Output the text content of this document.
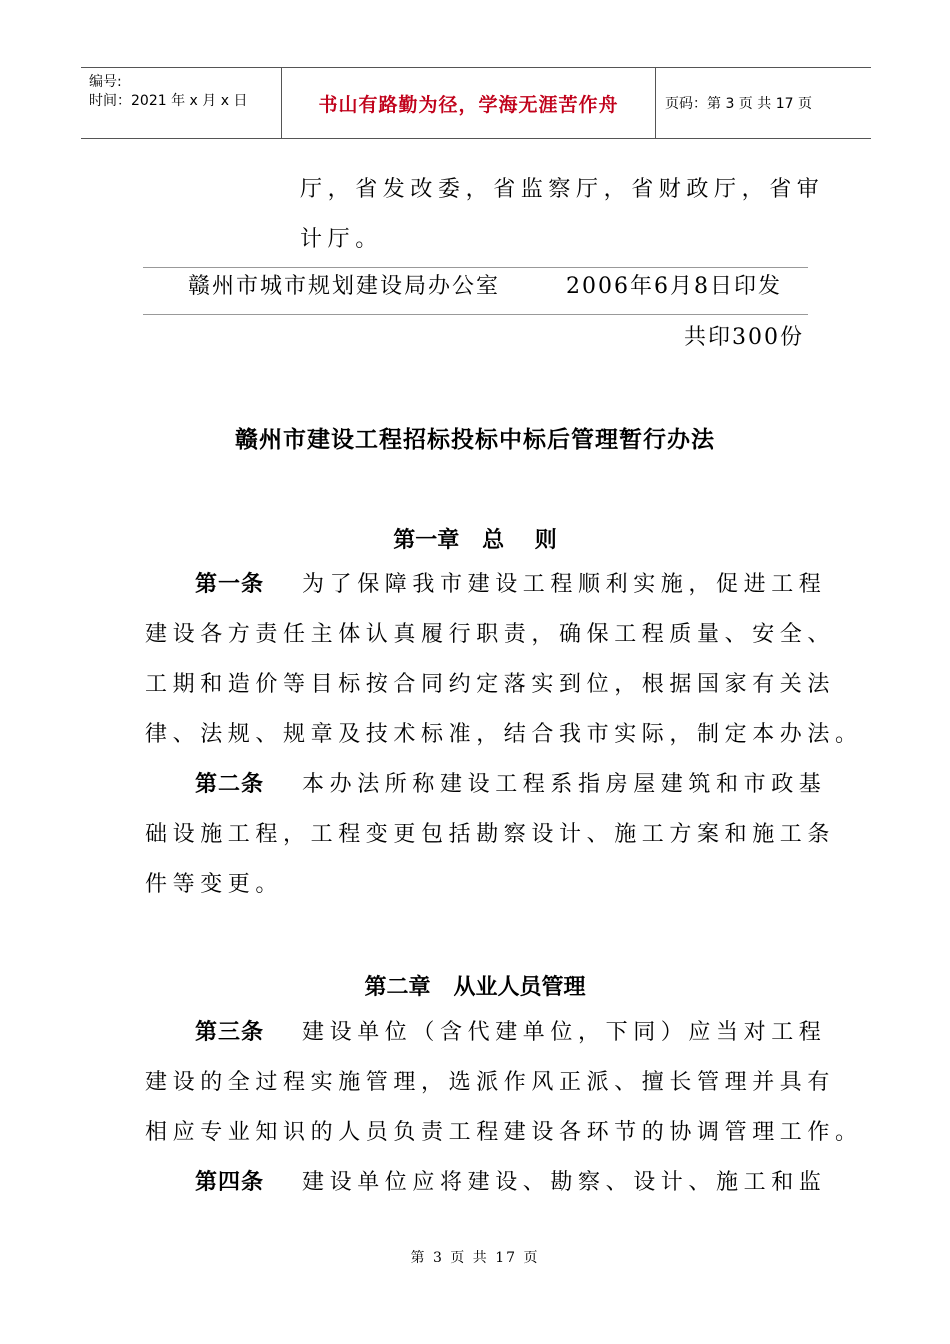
编号:
时间：2021 年 x 月 x 日	书山有路勤为径，学海无涯苦作舟	页码：第 3 页 共 17 页
厅，省发改委，省监察厅，省财政厅，省审
计厅。
赣州市城市规划建设局办公室	2006年6月8日印发
共印300份
赣州市建设工程招标投标中标后管理暂行办法
第一章   总    则
第一条 为了保障我市建设工程顺利实施，促进工程
建设各方责任主体认真履行职责，确保工程质量、安全、
工期和造价等目标按合同约定落实到位，根据国家有关法
律、法规、规章及技术标准，结合我市实际，制定本办法。
第二条 本办法所称建设工程系指房屋建筑和市政基
础设施工程，工程变更包括勘察设计、施工方案和施工条
件等变更。
第二章   从业人员管理
第三条 建设单位（含代建单位，下同）应当对工程
建设的全过程实施管理，选派作风正派、擅长管理并具有
相应专业知识的人员负责工程建设各环节的协调管理工作。
第四条 建设单位应将建设、勘察、设计、施工和监
第 3 页 共 17 页
